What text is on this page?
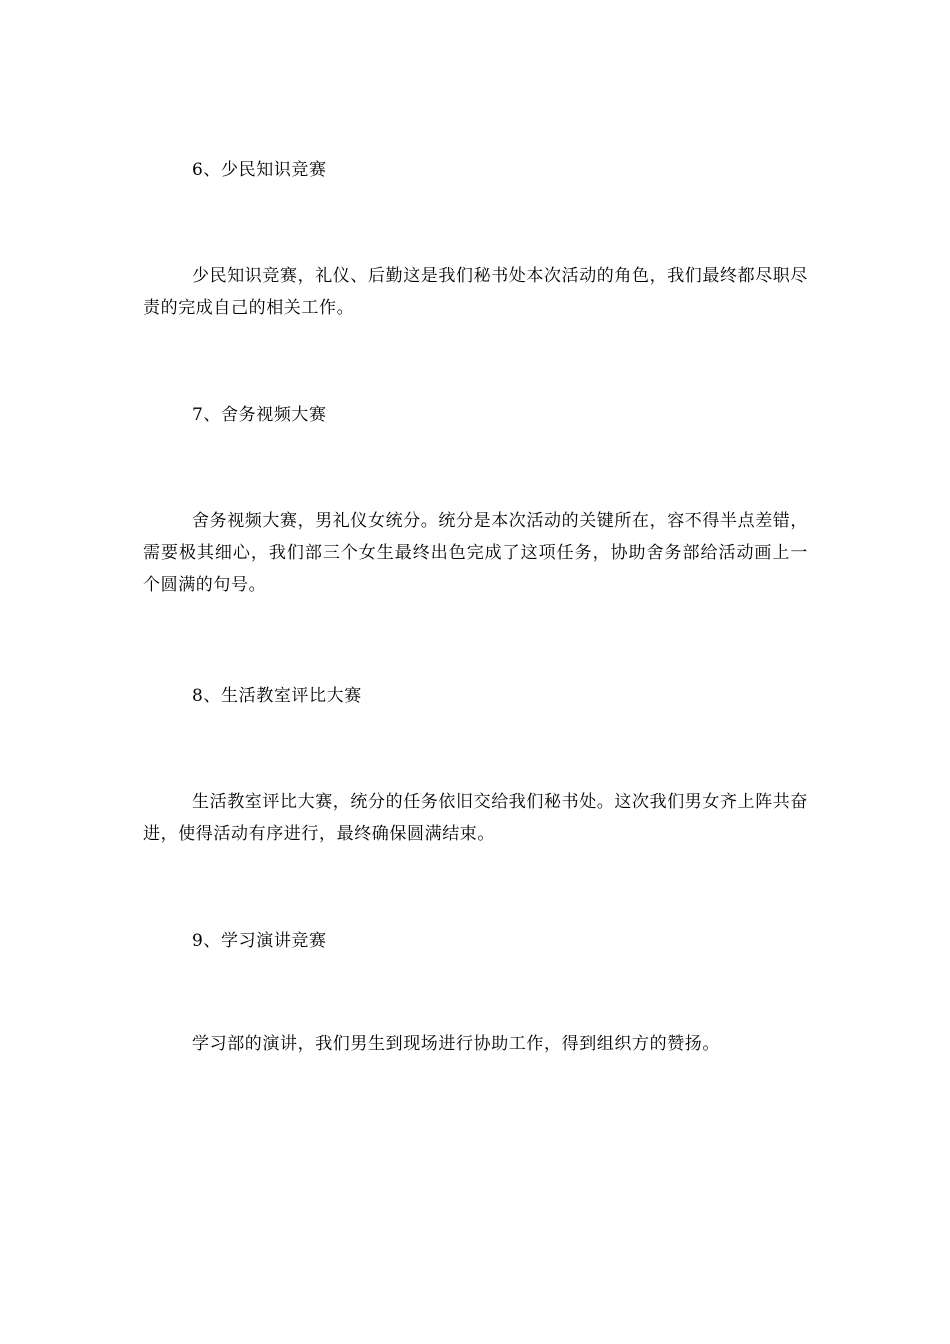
6、少民知识竞赛

少民知识竞赛，礼仪、后勤这是我们秘书处本次活动的角色，我们最终都尽职尽责的完成自己的相关工作。

7、舍务视频大赛

舍务视频大赛，男礼仪女统分。统分是本次活动的关键所在，容不得半点差错，需要极其细心，我们部三个女生最终出色完成了这项任务，协助舍务部给活动画上一个圆满的句号。

8、生活教室评比大赛

生活教室评比大赛，统分的任务依旧交给我们秘书处。这次我们男女齐上阵共奋进，使得活动有序进行，最终确保圆满结束。

9、学习演讲竞赛

学习部的演讲，我们男生到现场进行协助工作，得到组织方的赞扬。
